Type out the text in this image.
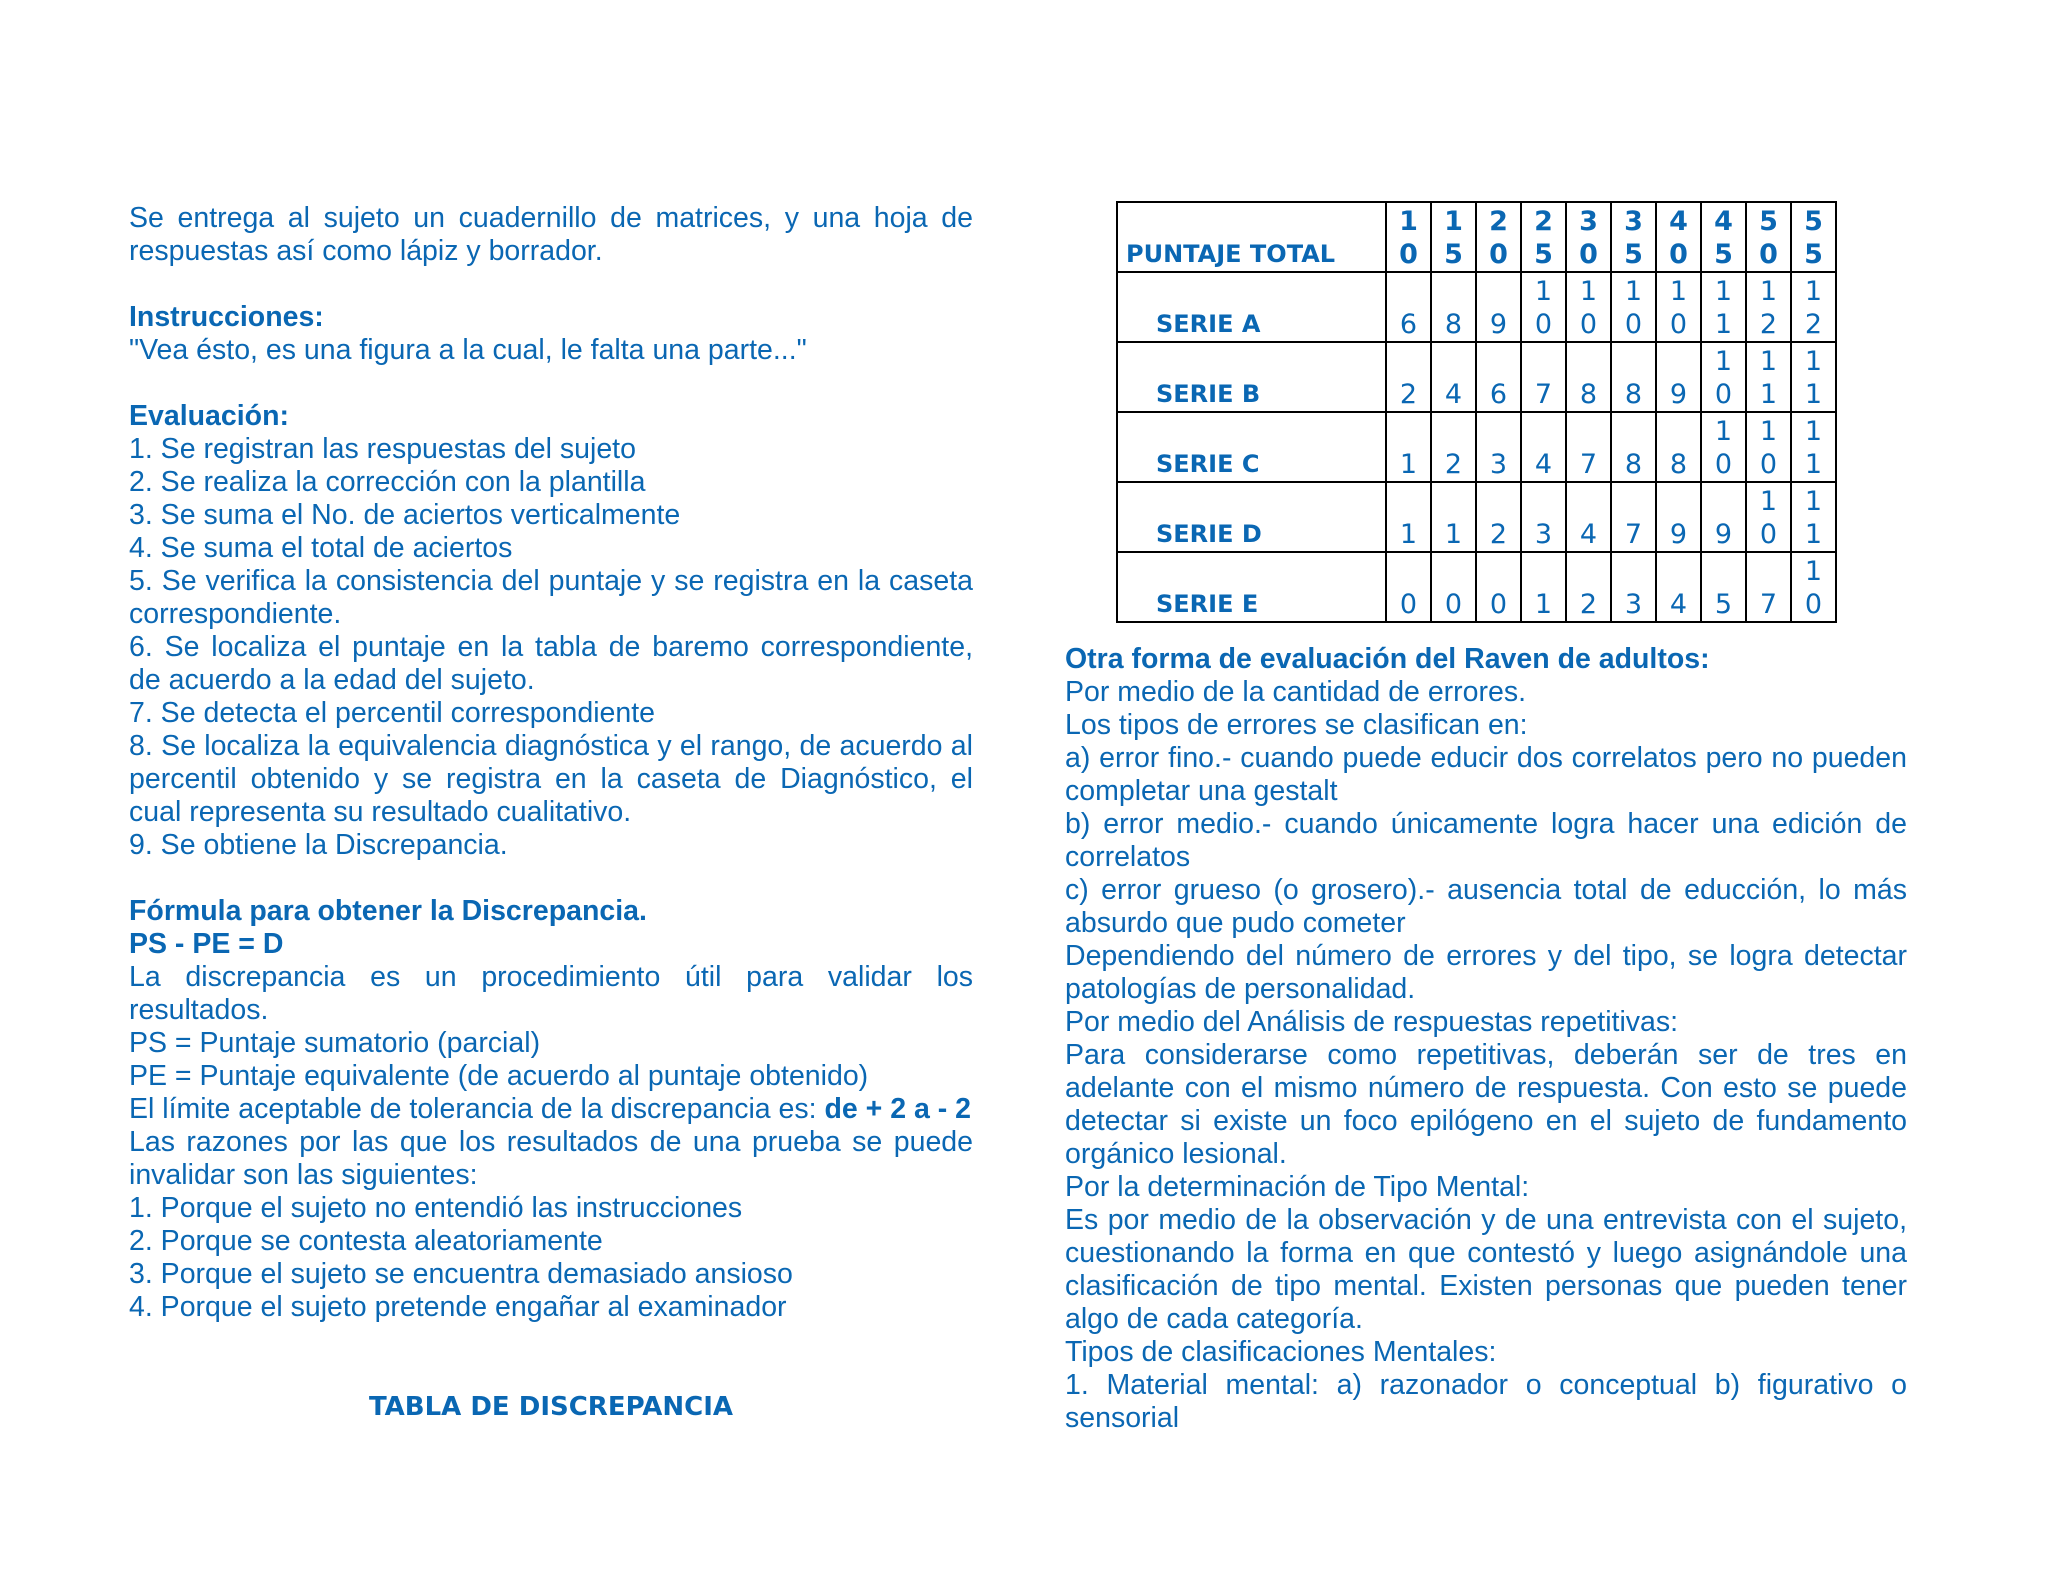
Se entrega al sujeto un cuadernillo de matrices, y una hoja de respuestas así como lápiz y borrador.

Instrucciones:

"Vea ésto, es una figura a la cual, le falta una parte..."

Evaluación:

1. Se registran las respuestas del sujeto

2. Se realiza la corrección con la plantilla

3. Se suma el No. de aciertos verticalmente

4. Se suma el total de aciertos

5. Se verifica la consistencia del puntaje y se registra en la caseta correspondiente.

6. Se localiza el puntaje en la tabla de baremo correspondiente, de acuerdo a la edad del sujeto.

7. Se detecta el percentil correspondiente

8. Se localiza la equivalencia diagnóstica y el rango, de acuerdo al percentil obtenido y se registra en la caseta de Diagnóstico, el cual representa su resultado cualitativo.

9. Se obtiene la Discrepancia.

Fórmula para obtener la Discrepancia.

PS - PE = D

La discrepancia es un procedimiento útil para validar los resultados.

PS = Puntaje sumatorio (parcial)

PE = Puntaje equivalente (de acuerdo al puntaje obtenido)

El límite aceptable de tolerancia de la discrepancia es: de + 2 a - 2

Las razones por las que los resultados de una prueba se puede invalidar son las siguientes:

1. Porque el sujeto no entendió las instrucciones

2. Porque se contesta aleatoriamente

3. Porque el sujeto se encuentra demasiado ansioso

4. Porque el sujeto pretende engañar al examinador

TABLA DE DISCREPANCIA
PUNTAJE TOTAL	10	15	20	25	30	35	40	45	50	55

SERIE A	6	8	9	10	10	10	10	11	12	12

SERIE B	2	4	6	7	8	8	9	10	11	11

SERIE C	1	2	3	4	7	8	8	10	10	11

SERIE D	1	1	2	3	4	7	9	9	10	11

SERIE E	0	0	0	1	2	3	4	5	7	10

Otra forma de evaluación del Raven de adultos:

Por medio de la cantidad de errores.

Los tipos de errores se clasifican en:

a) error fino.- cuando puede educir dos correlatos pero no pueden completar una gestalt

b) error medio.- cuando únicamente logra hacer una edición de correlatos

c) error grueso (o grosero).- ausencia total de educción, lo más absurdo que pudo cometer

Dependiendo del número de errores y del tipo, se logra detectar patologías de personalidad.

Por medio del Análisis de respuestas repetitivas:

Para considerarse como repetitivas, deberán ser de tres en adelante con el mismo número de respuesta. Con esto se puede detectar si existe un foco epilógeno en el sujeto de fundamento orgánico lesional.

Por la determinación de Tipo Mental:

Es por medio de la observación y de una entrevista con el sujeto, cuestionando la forma en que contestó y luego asignándole una clasificación de tipo mental. Existen personas que pueden tener algo de cada categoría.

Tipos de clasificaciones Mentales:

1. Material mental: a) razonador o conceptual b) figurativo o sensorial
